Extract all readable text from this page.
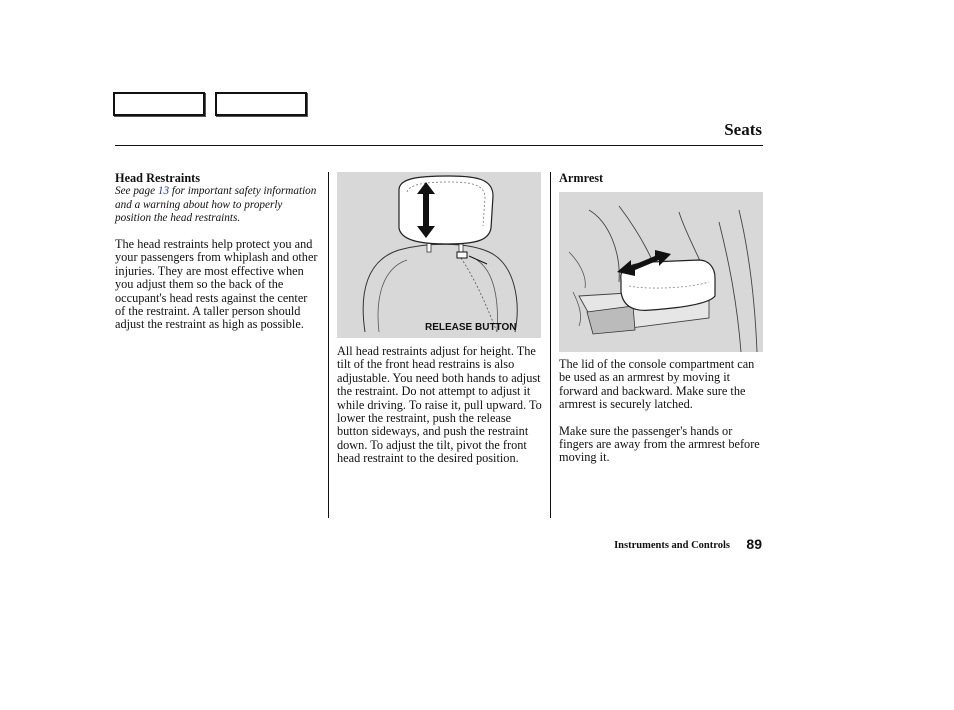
Seats

Head Restraints

See page 13 for important safety information and a warning about how to properly position the head restraints.

The head restraints help protect you and your passengers from whiplash and other injuries. They are most effective when you adjust them so the back of the occupant's head rests against the center of the restraint. A taller person should adjust the restraint as high as possible.	RELEASE BUTTON

All head restraints adjust for height. The tilt of the front head restrains is also adjustable. You need both hands to adjust the restraint. Do not attempt to adjust it while driving. To raise it, pull upward. To lower the restraint, push the release button sideways, and push the restraint down. To adjust the tilt, pivot the front head restraint to the desired position.

Armrest

The lid of the console compartment can be used as an armrest by moving it forward and backward. Make sure the armrest is securely latched.

Make sure the passenger's hands or fingers are away from the armrest before moving it.

Instruments and Controls 89
